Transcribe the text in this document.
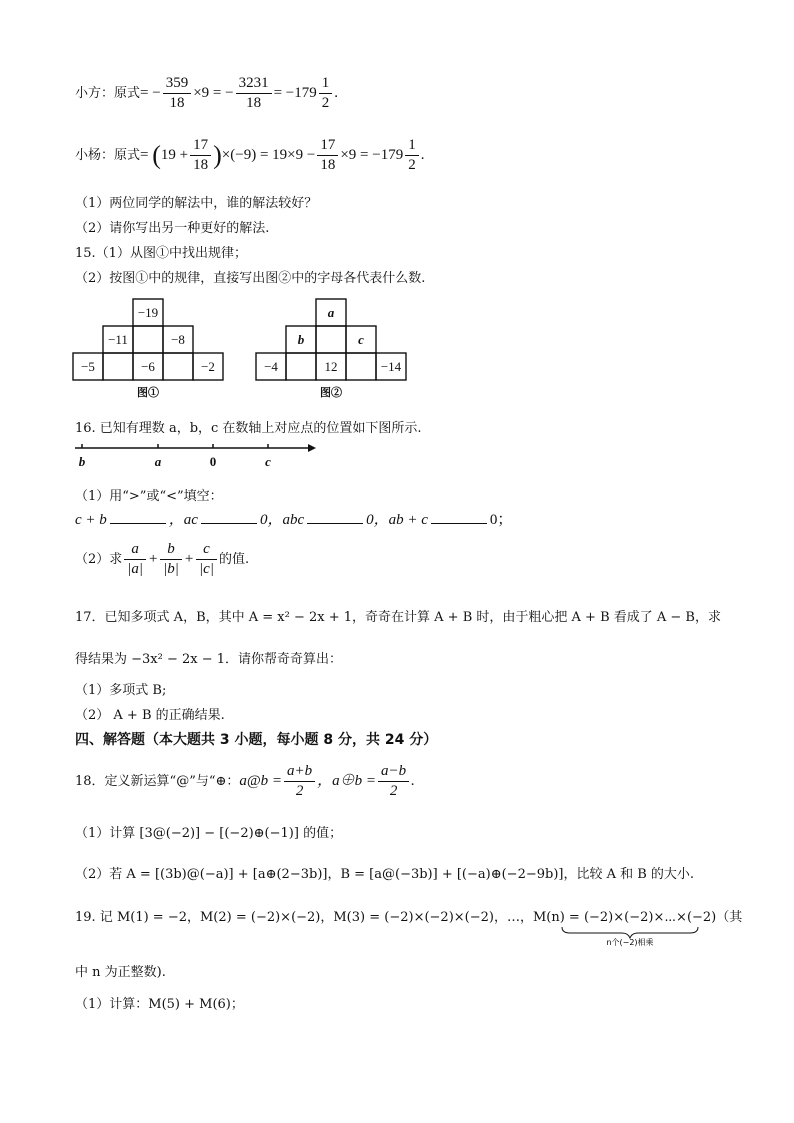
小方：原式= − $\frac{359}{18} \times 9$ = − $\frac{3231}{18} = -179 \frac{1}{2}$ .
小杨：原式= $(19 + \frac{17}{18} )\times(-9) = 19\times 9 - \frac{17}{18} \times 9 = -179 \frac{1}{2}$ .
（1）两位同学的解法中，谁的解法较好？
（2）请你写出另一种更好的解法.
15.（1）从图①中找出规律；
（2）按图①中的规律，直接写出图②中的字母各代表什么数.
−19
−11	−8
−5	−6	−2
图①
a
b	c
−4	12	−14
图②
16. 已知有理数 a，b，c 在数轴上对应点的位置如下图所示.
b	a	0	c
（1）用“>”或“<”填空：
c + b	，ac	0，abc	0，ab + c	0；
（2）求 $\frac{a}{|a|} + \frac{b}{|b|} + \frac{c}{|c|}$ 的值.
17．已知多项式 A，B，其中 A = x² − 2x + 1，奇奇在计算 A + B 时，由于粗心把 A + B 看成了 A − B，求
得结果为 −3x² − 2x − 1．请你帮奇奇算出：
（1）多项式 B;
（2） A + B 的正确结果.
四、解答题（本大题共 3 小题，每小题 8 分，共 24 分）
18．定义新运算“@”与“⊕：a@b = $\frac{a+b}{2}$ ，a⊕b = $\frac{a-b}{2}$ .
（1）计算 [3@(−2)] − [(−2)⊕(−1)] 的值；
（2）若 A = [(3b)@(−a)] + [a⊕(2−3b)]，B = [a@(−3b)] + [(−a)⊕(−2−9b)]，比较 A 和 B 的大小.
19. 记 M(1) = −2，M(2) = (−2)×(−2)，M(3) = (−2)×(−2)×(−2)，…，M(n) = (−2)×(−2)×⋯×(−2)（其
n个(−2)相乘
中 n 为正整数).
（1）计算：M(5) + M(6)；
